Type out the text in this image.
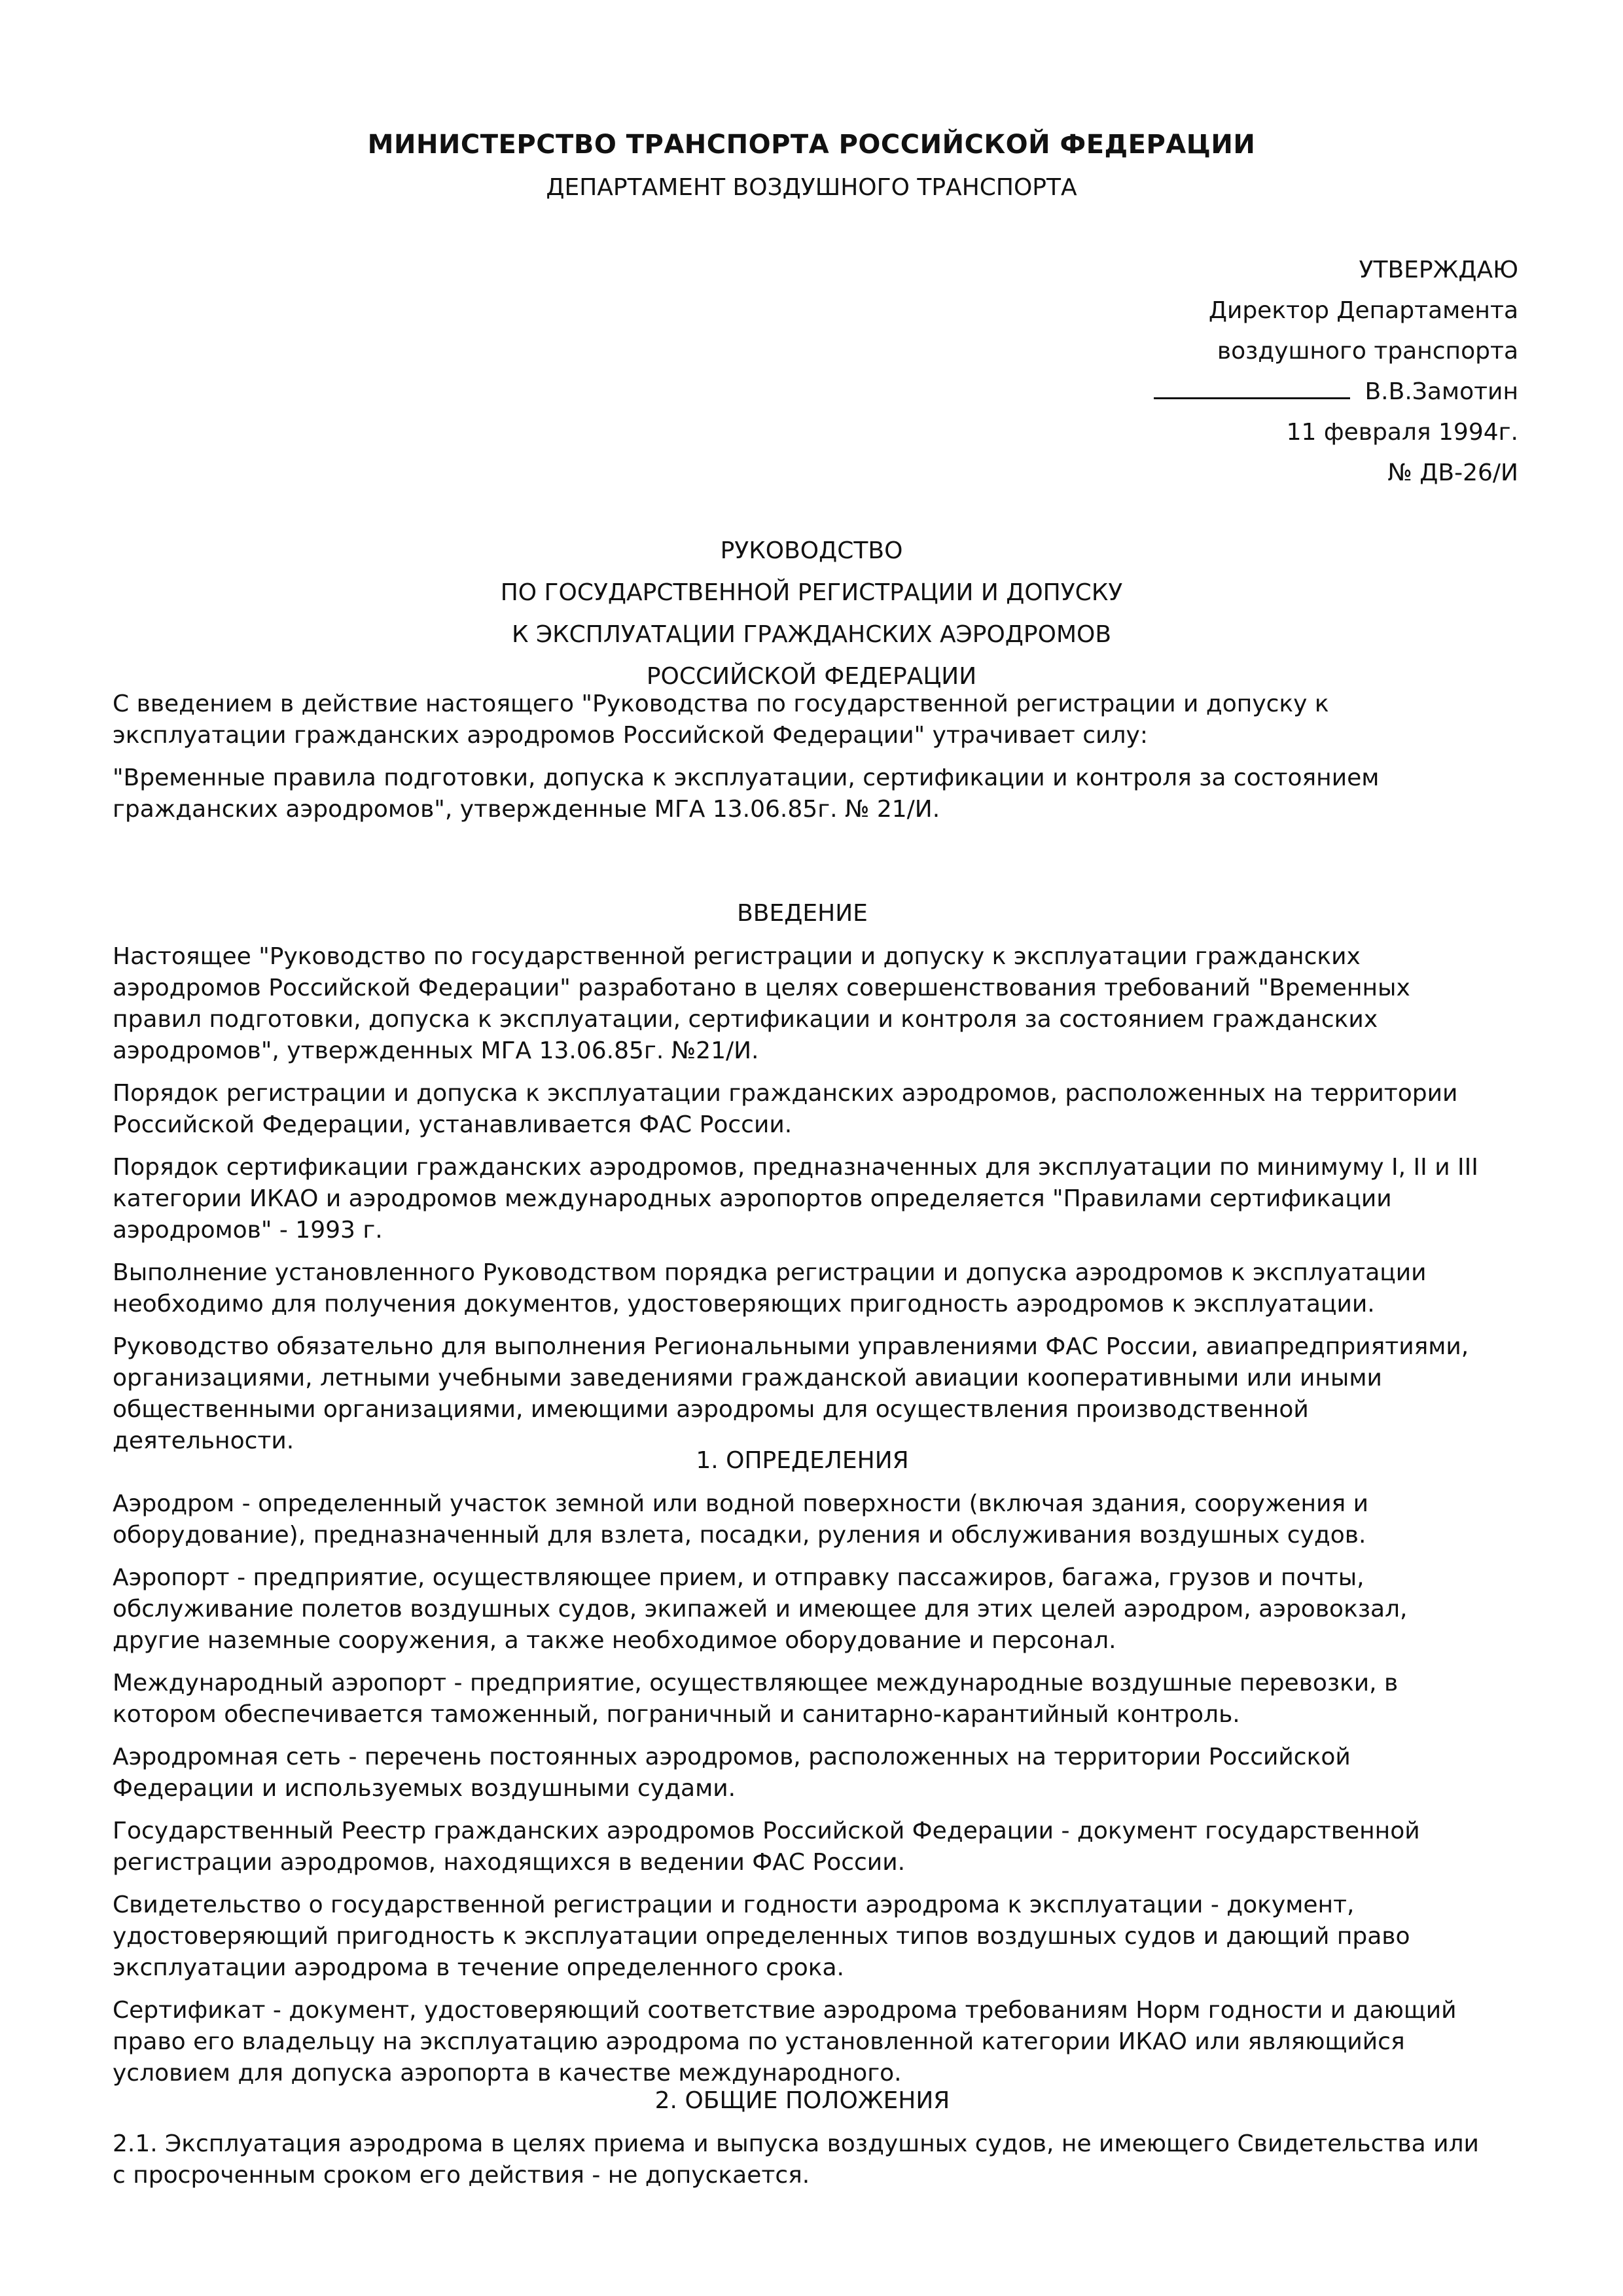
МИНИСТЕРСТВО ТРАНСПОРТА РОССИЙСКОЙ ФЕДЕРАЦИИ
ДЕПАРТАМЕНТ ВОЗДУШНОГО ТРАНСПОРТА
УТВЕРЖДАЮ
Директор Департамента
воздушного транспорта
В.В.Замотин
11 февраля 1994г.
№ ДВ-26/И
РУКОВОДСТВО
ПО ГОСУДАРСТВЕННОЙ РЕГИСТРАЦИИ И ДОПУСКУ
К ЭКСПЛУАТАЦИИ ГРАЖДАНСКИХ АЭРОДРОМОВ
РОССИЙСКОЙ ФЕДЕРАЦИИ

С введением в действие настоящего "Руководства по государственной регистрации и допуску к эксплуатации гражданских аэродромов Российской Федерации" утрачивает силу:

"Временные правила подготовки, допуска к эксплуатации, сертификации и контроля за состоянием гражданских аэродромов", утвержденные МГА 13.06.85г. № 21/И.

ВВЕДЕНИЕ

Настоящее "Руководство по государственной регистрации и допуску к эксплуатации гражданских аэродромов Российской Федерации" разработано в целях совершенствования требований "Временных правил подготовки, допуска к эксплуатации, сертификации и контроля за состоянием гражданских аэродромов", утвержденных МГА 13.06.85г. №21/И.

Порядок регистрации и допуска к эксплуатации гражданских аэродромов, расположенных на территории Российской Федерации, устанавливается ФАС России.

Порядок сертификации гражданских аэродромов, предназначенных для эксплуатации по минимуму I, II и III категории ИКАО и аэродромов международных аэропортов определяется "Правилами сертификации аэродромов" - 1993 г.

Выполнение установленного Руководством порядка регистрации и допуска аэродромов к эксплуатации необходимо для получения документов, удостоверяющих пригодность аэродромов к эксплуатации.

Руководство обязательно для выполнения Региональными управлениями ФАС России, авиапредприятиями, организациями, летными учебными заведениями гражданской авиации кооперативными или иными общественными организациями, имеющими аэродромы для осуществления производственной деятельности.

1. ОПРЕДЕЛЕНИЯ

Аэродром - определенный участок земной или водной поверхности (включая здания, сооружения и оборудование), предназначенный для взлета, посадки, руления и обслуживания воздушных судов.

Аэропорт - предприятие, осуществляющее прием, и отправку пассажиров, багажа, грузов и почты, обслуживание полетов воздушных судов, экипажей и имеющее для этих целей аэродром, аэровокзал, другие наземные сооружения, а также необходимое оборудование и персонал.

Международный аэропорт - предприятие, осуществляющее международные воздушные перевозки, в котором обеспечивается таможенный, пограничный и санитарно-карантийный контроль.

Аэродромная сеть - перечень постоянных аэродромов, расположенных на территории Российской Федерации и используемых воздушными судами.

Государственный Реестр гражданских аэродромов Российской Федерации - документ государственной регистрации аэродромов, находящихся в ведении ФАС России.

Свидетельство о государственной регистрации и годности аэродрома к эксплуатации - документ, удостоверяющий пригодность к эксплуатации определенных типов воздушных судов и дающий право эксплуатации аэродрома в течение определенного срока.

Сертификат - документ, удостоверяющий соответствие аэродрома требованиям Норм годности и дающий право его владельцу на эксплуатацию аэродрома по установленной категории ИКАО или являющийся условием для допуска аэропорта в качестве международного.

2. ОБЩИЕ ПОЛОЖЕНИЯ

2.1. Эксплуатация аэродрома в целях приема и выпуска воздушных судов, не имеющего Свидетельства или с просроченным сроком его действия - не допускается.
